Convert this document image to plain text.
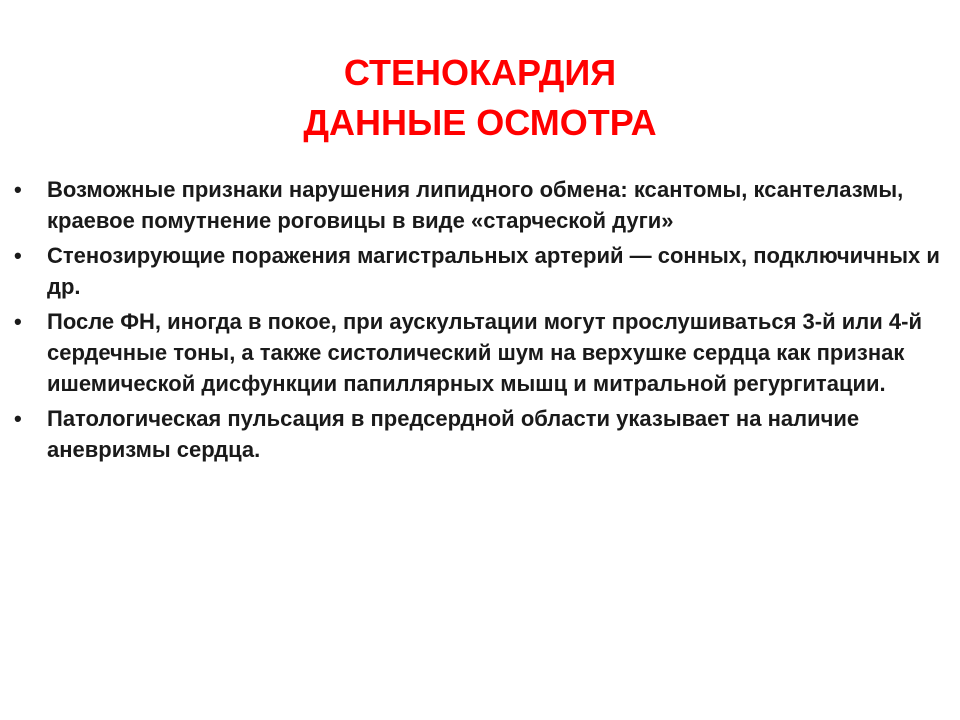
СТЕНОКАРДИЯ
ДАННЫЕ ОСМОТРА
•	Возможные признаки нарушения липидного обмена: ксантомы, ксантелазмы, краевое помутнение роговицы в виде «старческой дуги»
•	Стенозирующие поражения магистральных артерий — сонных, подключичных и др.
•	После ФН, иногда в покое, при аускультации могут прослушиваться 3-й или 4-й сердечные тоны, а также систолический шум на верхушке сердца как признак ишемической дисфункции папиллярных мышц и митральной регургитации.
•	Патологическая пульсация в предсердной области указывает на наличие аневризмы сердца.
